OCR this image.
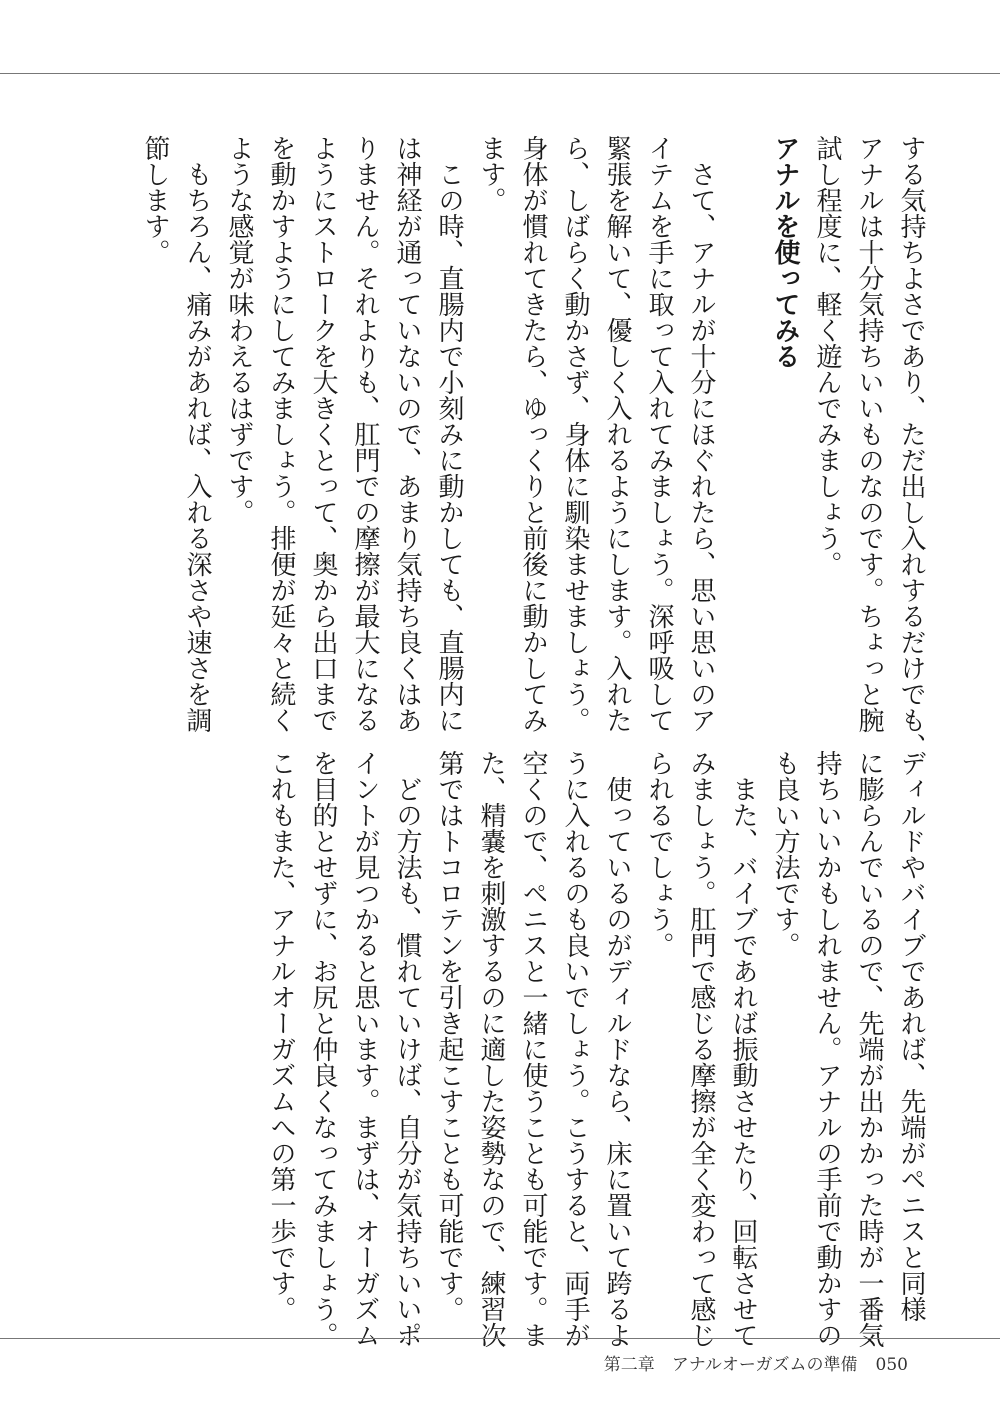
する気持ちよさであり、ただ出し入れするだけでも、

アナルは十分気持ちいいものなのです。ちょっと腕

試し程度に、軽く遊んでみましょう。

アナルを使ってみる

　さて、アナルが十分にほぐれたら、思い思いのア

イテムを手に取って入れてみましょう。深呼吸して

緊張を解いて、優しく入れるようにします。入れた

ら、しばらく動かさず、身体に馴染ませましょう。

身体が慣れてきたら、ゆっくりと前後に動かしてみ

ます。

　この時、直腸内で小刻みに動かしても、直腸内に

は神経が通っていないので、あまり気持ち良くはあ

りません。それよりも、肛門での摩擦が最大になる

ようにストロークを大きくとって、奥から出口まで

を動かすようにしてみましょう。排便が延々と続く

ような感覚が味わえるはずです。

　もちろん、痛みがあれば、入れる深さや速さを調

節します。

ディルドやバイブであれば、先端がペニスと同様

に膨らんでいるので、先端が出かかった時が一番気

持ちいいかもしれません。アナルの手前で動かすの

も良い方法です。

　また、バイブであれば振動させたり、回転させて

みましょう。肛門で感じる摩擦が全く変わって感じ

られるでしょう。

　使っているのがディルドなら、床に置いて跨るよ

うに入れるのも良いでしょう。こうすると、両手が

空くので、ペニスと一緒に使うことも可能です。ま

た、精嚢を刺激するのに適した姿勢なので、練習次

第ではトコロテンを引き起こすことも可能です。

　どの方法も、慣れていけば、自分が気持ちいいポ

イントが見つかると思います。まずは、オーガズム

を目的とせずに、お尻と仲良くなってみましょう。

これもまた、アナルオーガズムへの第一歩です。

第二章　アナルオーガズムの準備 050
